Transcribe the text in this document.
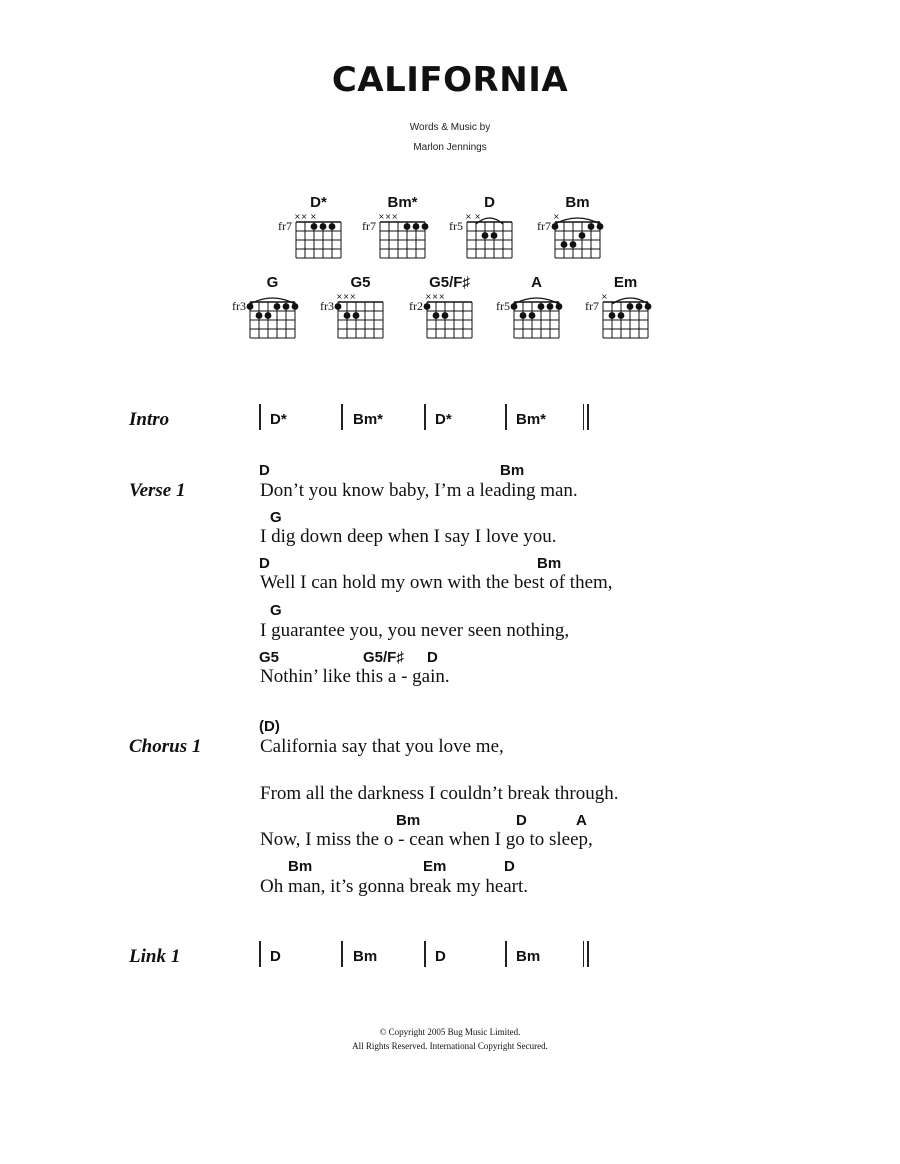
CALIFORNIA
Words & Music by
Marlon Jennings
D*
fr7
×× ×
Bm*
fr7
×××
D
fr5
× ×
Bm
fr7
×
G
fr3
G5
fr3
×××
G5/F♯
fr2
×××
A
fr5
Em
fr7
×
Intro	D*	Bm*	D*	Bm*
Verse 1
D	Bm
Don’t you know baby, I’m a leading man.
G
I dig down deep when I say I love you.
D	Bm
Well I can hold my own with the best of them,
G
I guarantee you, you never seen nothing,
G5	G5/F♯ D
Nothin’ like this a - gain.
Chorus 1
(D)
California say that you love me,
From all the darkness I couldn’t break through.
Bm	D	A
Now, I miss the o - cean when I go to sleep,
Bm	Em	D
Oh man, it’s gonna break my heart.
Link 1	D	Bm	D	Bm
© Copyright 2005 Bug Music Limited.
All Rights Reserved. International Copyright Secured.
